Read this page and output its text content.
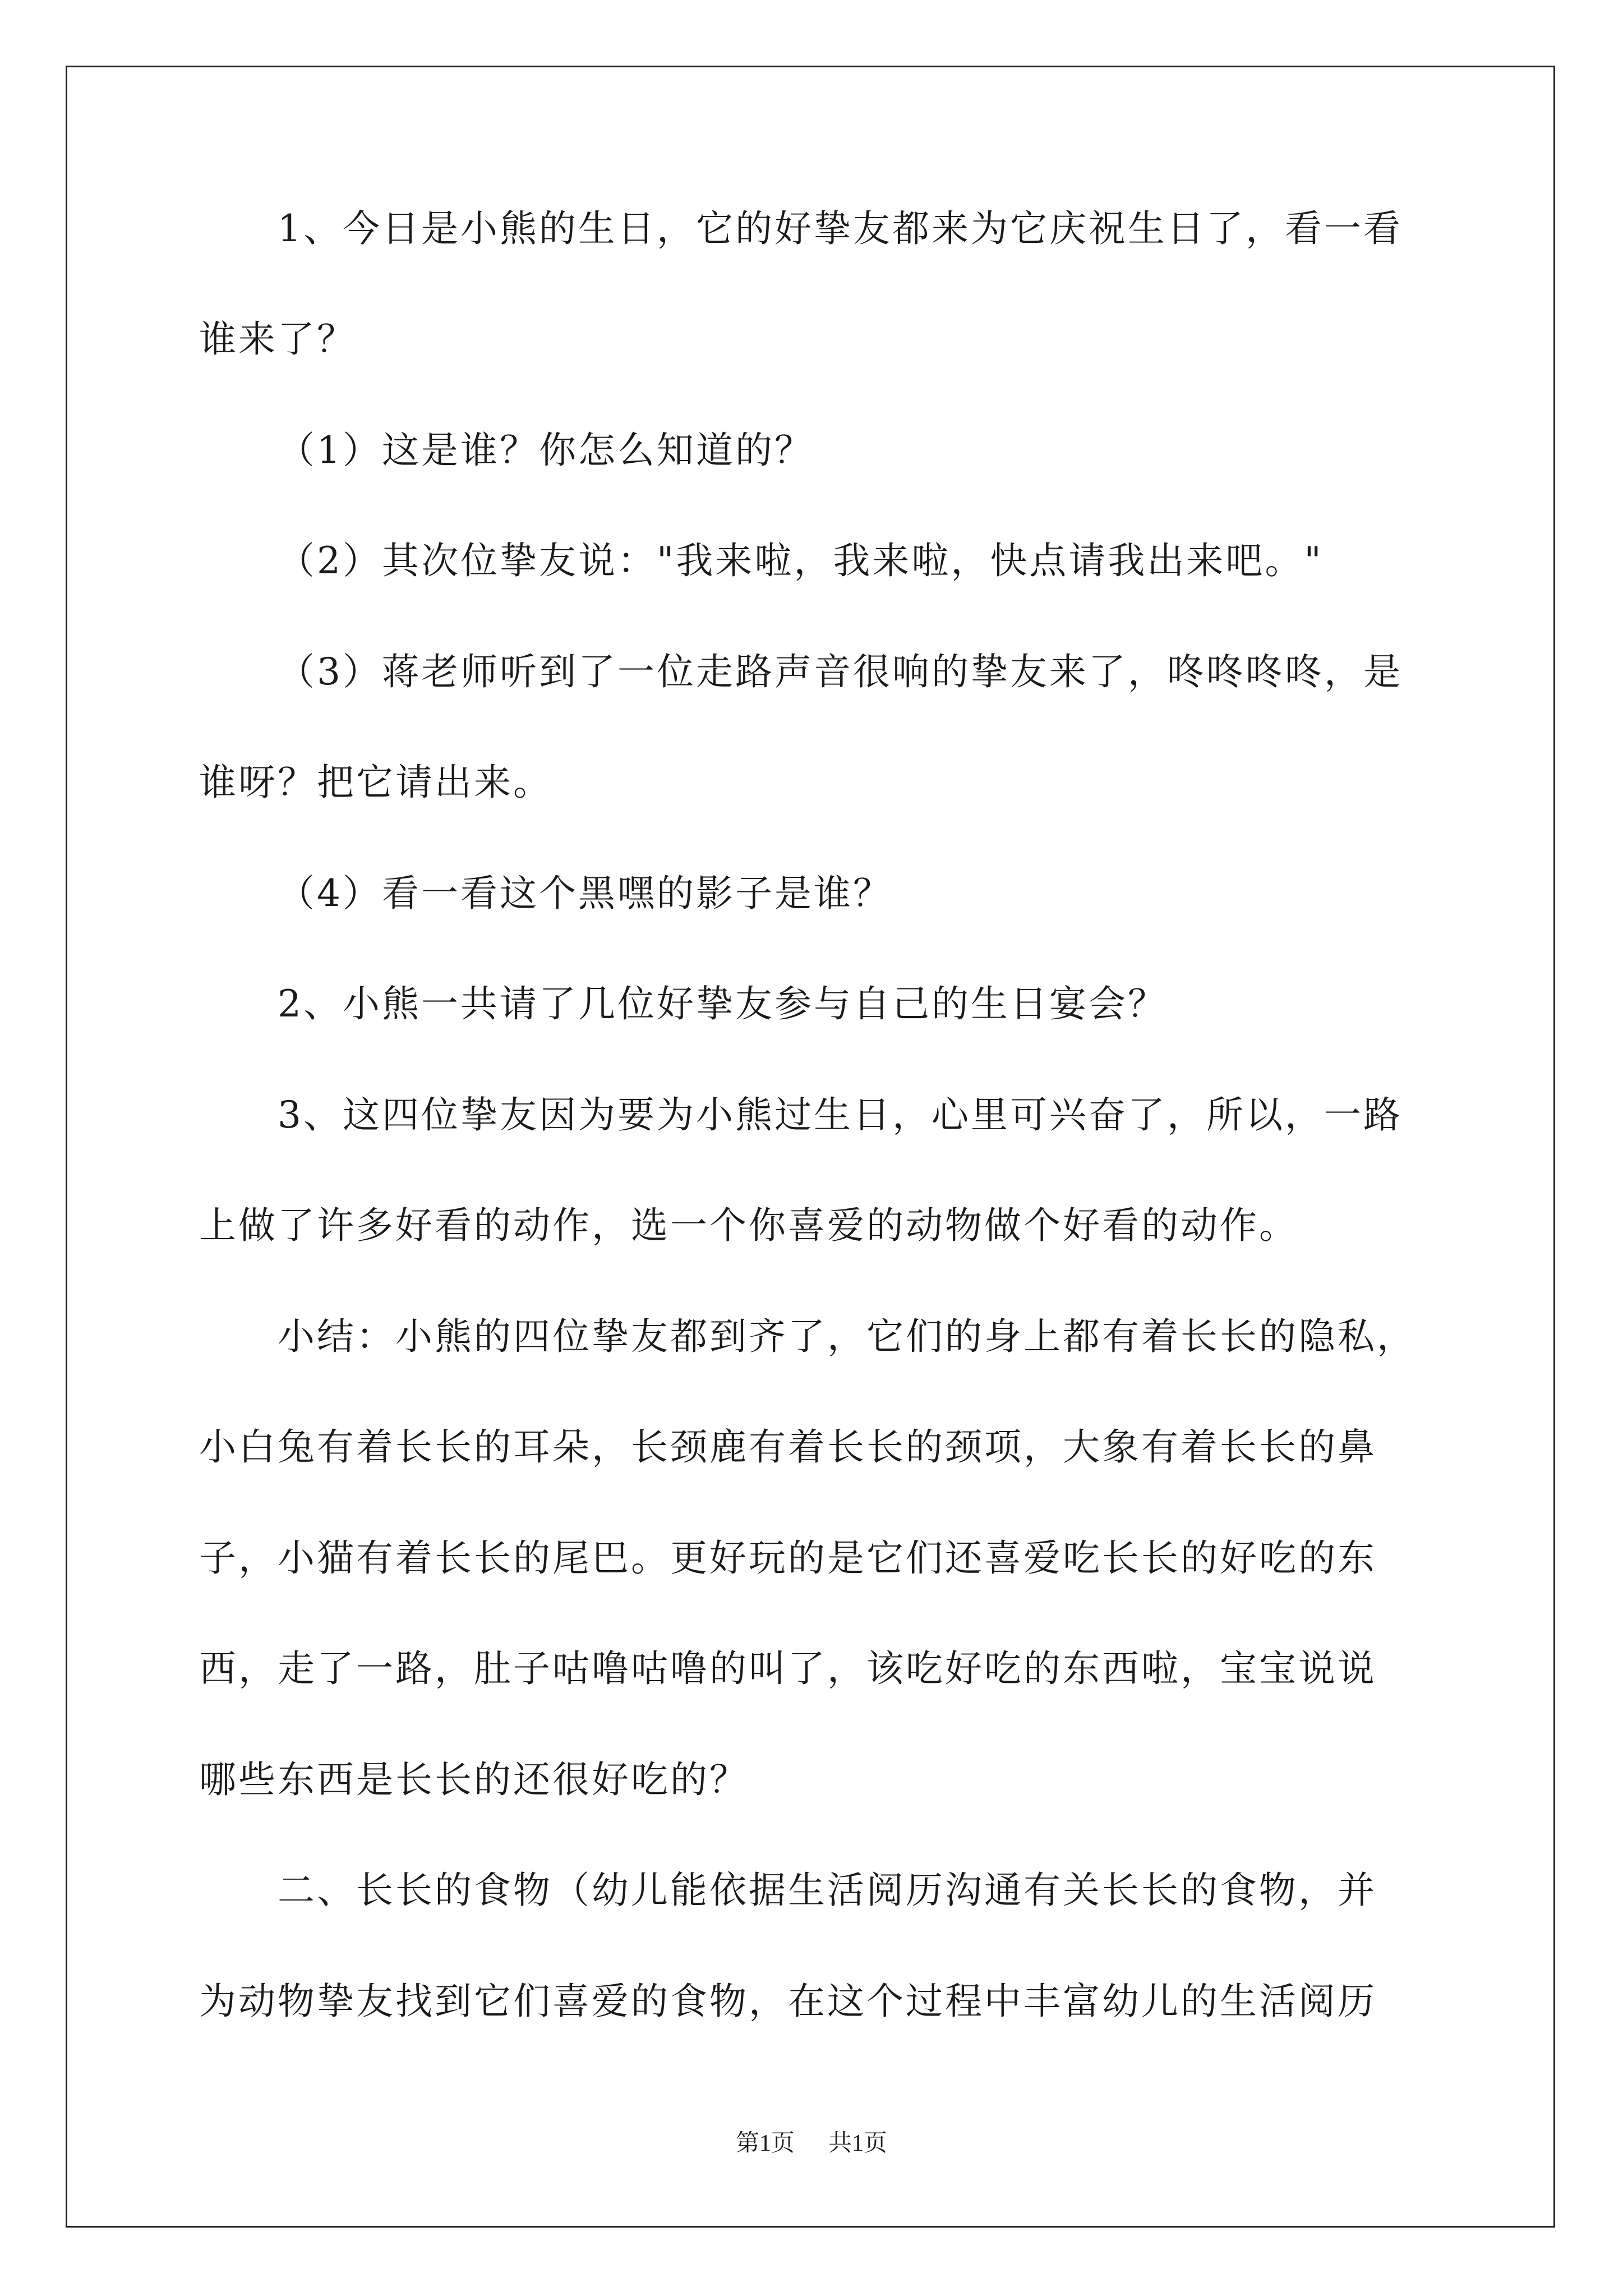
1、今日是小熊的生日，它的好挚友都来为它庆祝生日了，看一看
谁来了？
（1）这是谁？你怎么知道的？
（2）其次位挚友说："我来啦，我来啦，快点请我出来吧。"
（3）蒋老师听到了一位走路声音很响的挚友来了，咚咚咚咚，是
谁呀？把它请出来。
（4）看一看这个黑嘿的影子是谁？
2、小熊一共请了几位好挚友参与自己的生日宴会？
3、这四位挚友因为要为小熊过生日，心里可兴奋了，所以，一路
上做了许多好看的动作，选一个你喜爱的动物做个好看的动作。
小结：小熊的四位挚友都到齐了，它们的身上都有着长长的隐私，
小白兔有着长长的耳朵，长颈鹿有着长长的颈项，大象有着长长的鼻
子，小猫有着长长的尾巴。更好玩的是它们还喜爱吃长长的好吃的东
西，走了一路，肚子咕噜咕噜的叫了，该吃好吃的东西啦，宝宝说说
哪些东西是长长的还很好吃的？
二、长长的食物（幼儿能依据生活阅历沟通有关长长的食物，并
为动物挚友找到它们喜爱的食物，在这个过程中丰富幼儿的生活阅历
第1页 共1页
